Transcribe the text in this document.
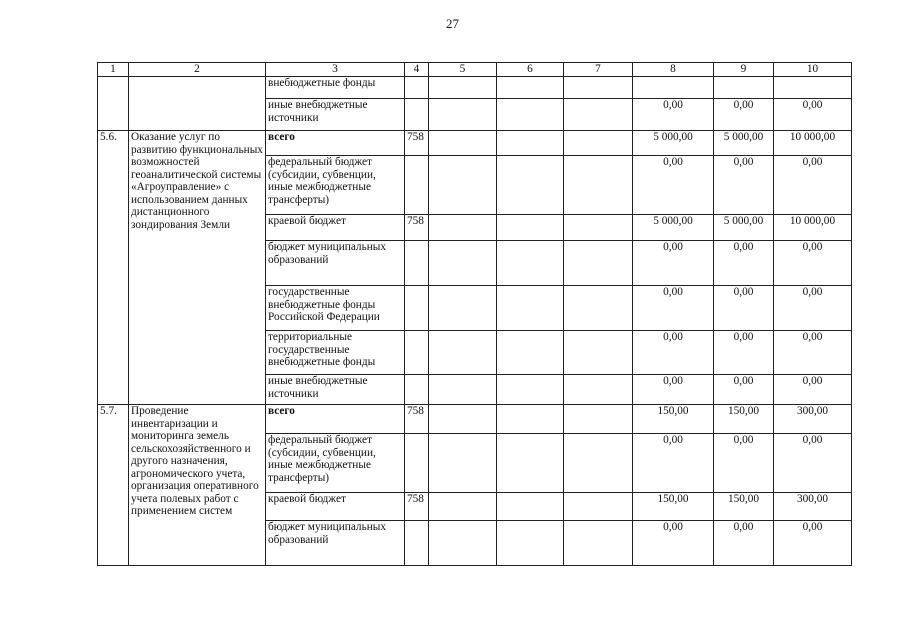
27
1	2	3	4	5	6	7	8	9	10
		внебюджетные фонды							
		иные внебюджетные источники					0,00	0,00	0,00
5.6.	Оказание услуг по развитию функциональных возможностей геоаналитической системы «Агроуправление» с использованием данных дистанционного зондирования Земли	всего	758				5 000,00	5 000,00	10 000,00
		федеральный бюджет (субсидии, субвенции, иные межбюджетные трансферты)					0,00	0,00	0,00
		краевой бюджет	758				5 000,00	5 000,00	10 000,00
		бюджет муниципальных образований					0,00	0,00	0,00
		государственные внебюджетные фонды Российской Федерации					0,00	0,00	0,00
		территориальные государственные внебюджетные фонды					0,00	0,00	0,00
		иные внебюджетные источники					0,00	0,00	0,00
5.7.	Проведение инвентаризации и мониторинга земель сельскохозяйственного и другого назначения, агрономического учета, организация оперативного учета полевых работ с применением систем	всего	758				150,00	150,00	300,00
		федеральный бюджет (субсидии, субвенции, иные межбюджетные трансферты)					0,00	0,00	0,00
		краевой бюджет	758				150,00	150,00	300,00
		бюджет муниципальных образований					0,00	0,00	0,00
